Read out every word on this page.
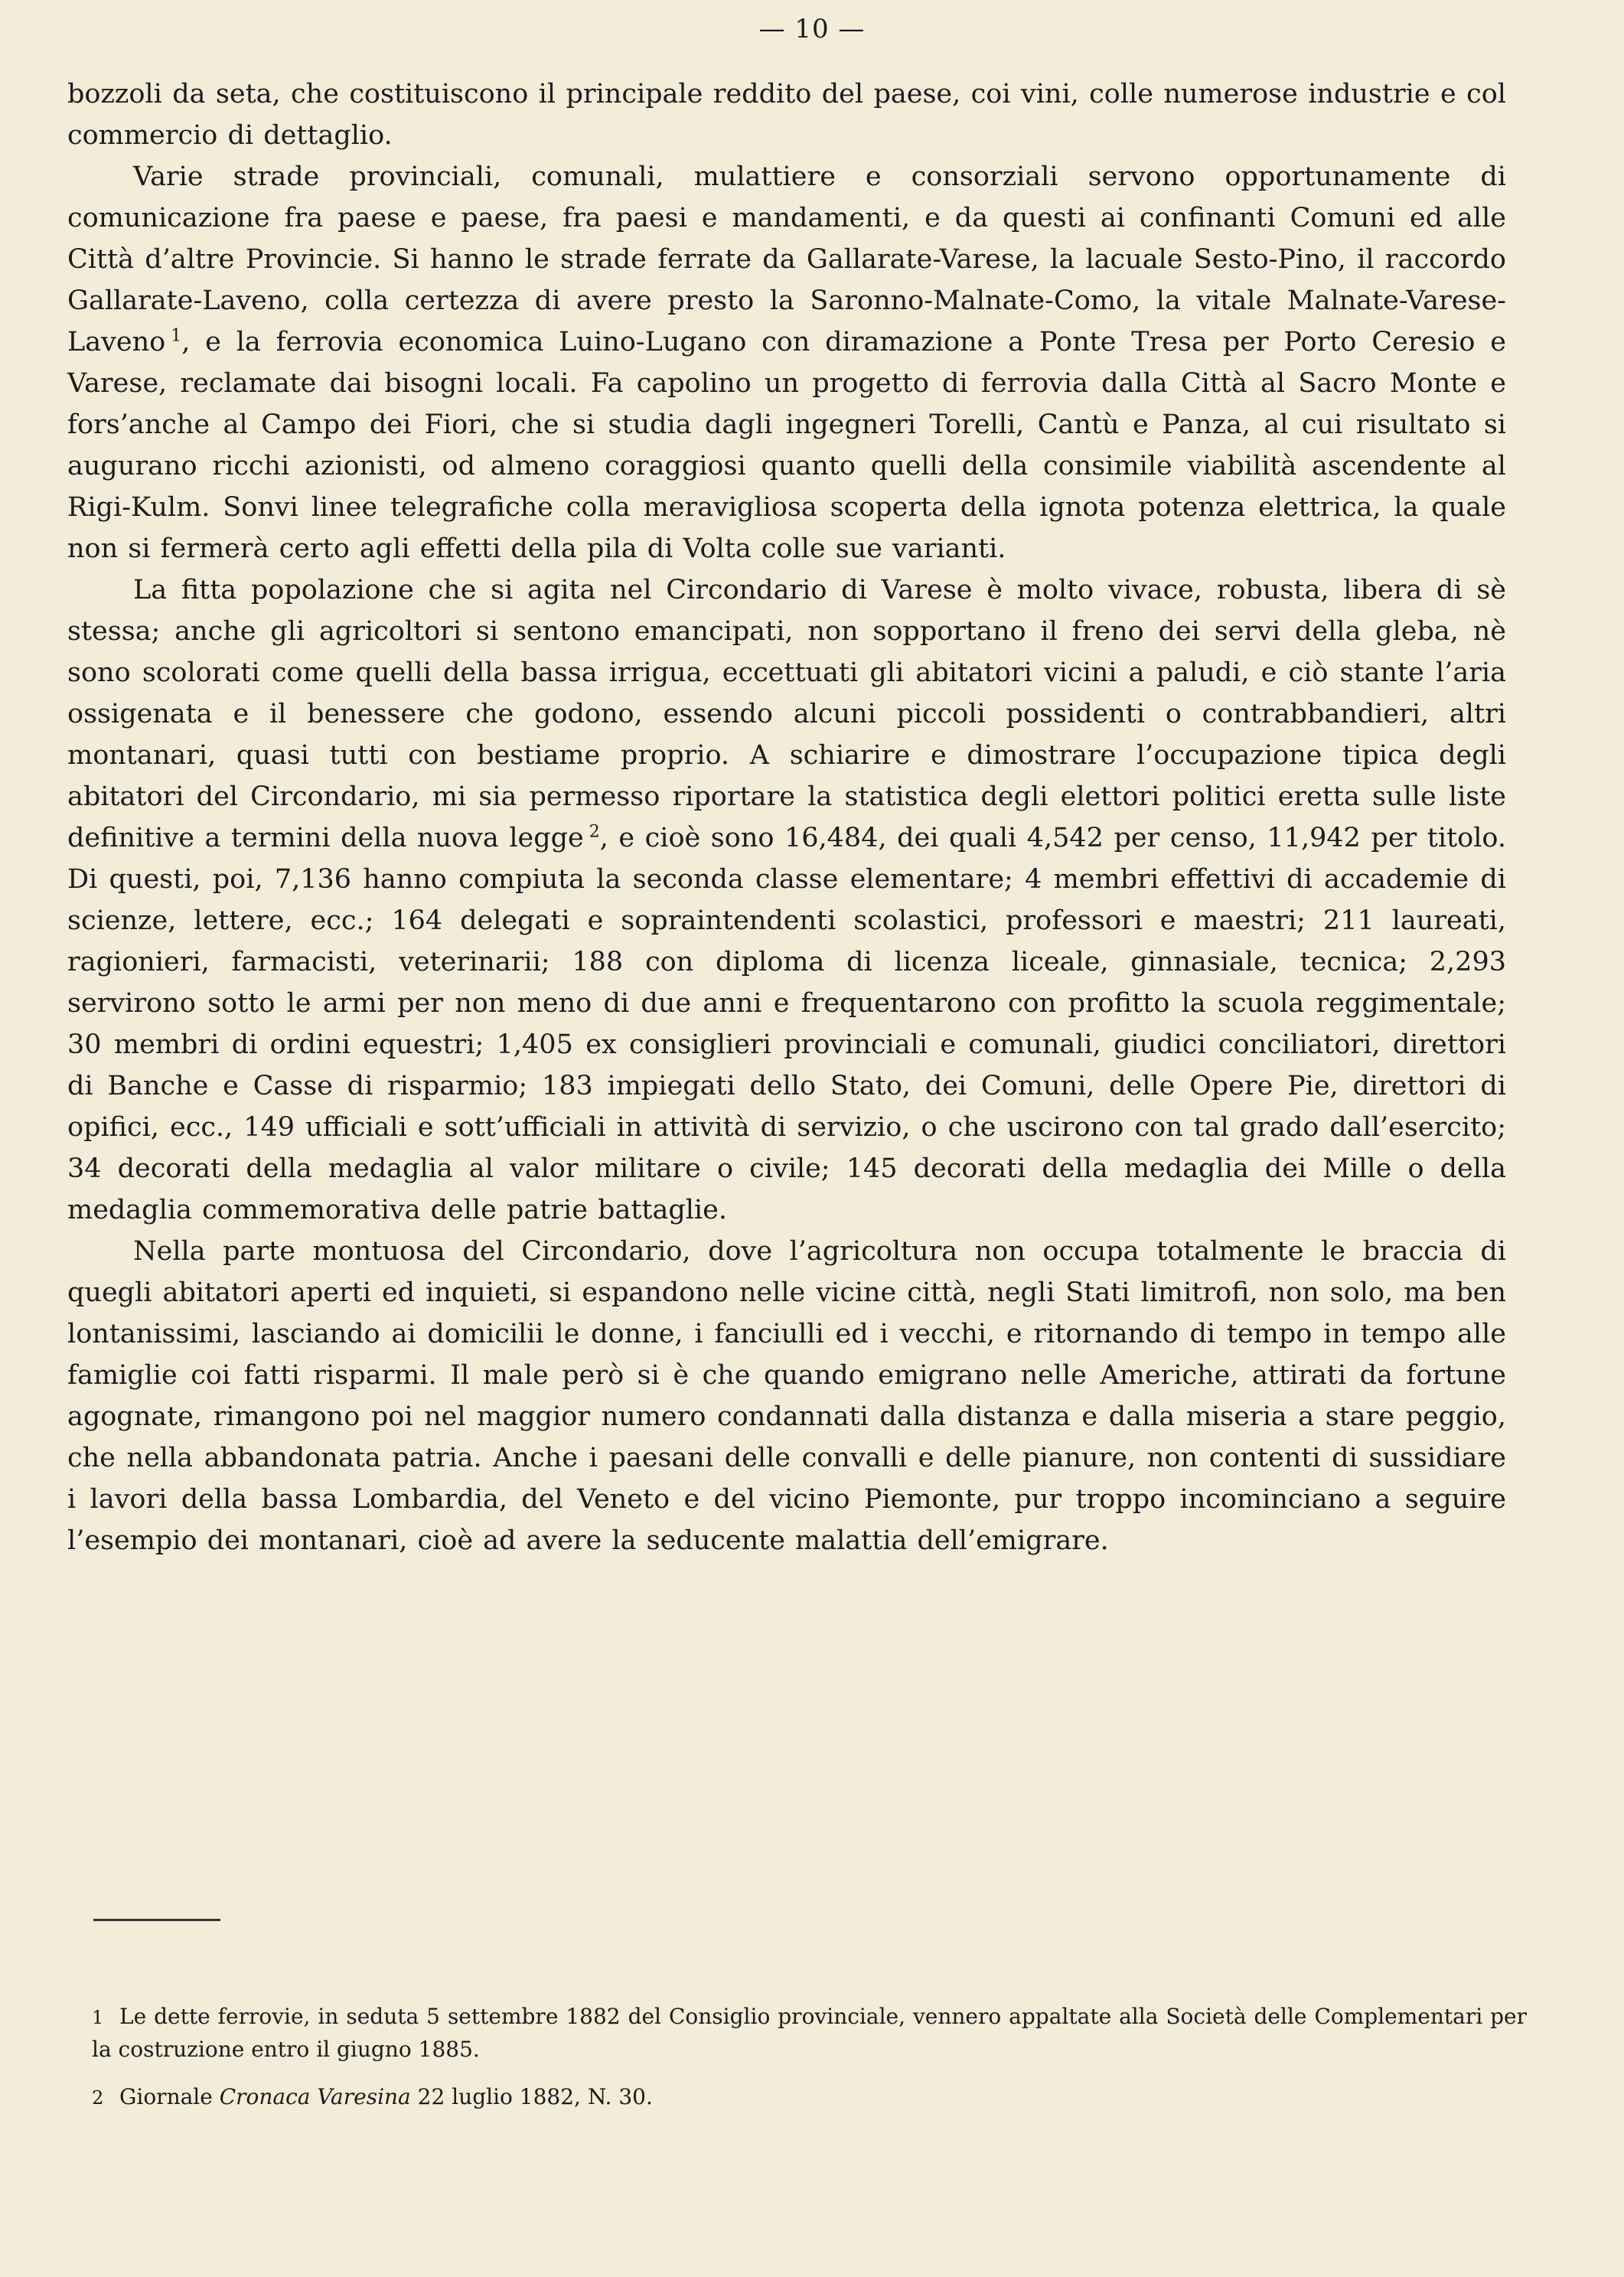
— 10 —

bozzoli da seta, che costituiscono il principale reddito del paese, coi vini, colle numerose industrie e col commercio di dettaglio.

Varie strade provinciali, comunali, mulattiere e consorziali servono opportunamente di comunicazione fra paese e paese, fra paesi e mandamenti, e da questi ai confinanti Comuni ed alle Città d’altre Provincie. Si hanno le strade ferrate da Gallarate-Varese, la lacuale Sesto-Pino, il raccordo Gallarate-Laveno, colla certezza di avere presto la Saronno-Malnate-Como, la vitale Malnate-Varese-Laveno  $^1$, e la ferrovia economica Luino-Lugano con diramazione a Ponte Tresa per Porto Ceresio e Varese, reclamate dai bisogni locali. Fa capolino un progetto di ferrovia dalla Città al Sacro Monte e fors’anche al Campo dei Fiori, che si studia dagli ingegneri Torelli, Cantù e Panza, al cui risultato si augurano ricchi azionisti, od almeno coraggiosi quanto quelli della consimile viabilità ascendente al Rigi-Kulm. Sonvi linee telegrafiche colla meravigliosa scoperta della ignota potenza elettrica, la quale non si fermerà certo agli effetti della pila di Volta colle sue varianti.

La fitta popolazione che si agita nel Circondario di Varese è molto vivace, robusta, libera di sè stessa; anche gli agricoltori si sentono emancipati, non sopportano il freno dei servi della gleba, nè sono scolorati come quelli della bassa irrigua, eccettuati gli abitatori vicini a paludi, e ciò stante l’aria ossigenata e il benessere che godono, essendo alcuni piccoli possidenti o contrabbandieri, altri montanari, quasi tutti con bestiame proprio. A schiarire e dimostrare l’occupazione tipica degli abitatori del Circondario, mi sia permesso riportare la statistica degli elettori politici eretta sulle liste definitive a termini della nuova legge  $^2$, e cioè sono 16,484, dei quali 4,542 per censo, 11,942 per titolo. Di questi, poi, 7,136 hanno compiuta la seconda classe elementare; 4 membri effettivi di accademie di scienze, lettere, ecc.; 164 delegati e sopraintendenti scolastici, professori e maestri; 211 laureati, ragionieri, farmacisti, veterinarii; 188 con diploma di licenza liceale, ginnasiale, tecnica; 2,293 servirono sotto le armi per non meno di due anni e frequentarono con profitto la scuola reggimentale; 30 membri di ordini equestri; 1,405 ex consiglieri provinciali e comunali, giudici conciliatori, direttori di Banche e Casse di risparmio; 183 impiegati dello Stato, dei Comuni, delle Opere Pie, direttori di opifici, ecc., 149 ufficiali e sott’ufficiali in attività di servizio, o che uscirono con tal grado dall’esercito; 34 decorati della medaglia al valor militare o civile; 145 decorati della medaglia dei Mille o della medaglia commemorativa delle patrie battaglie.

Nella parte montuosa del Circondario, dove l’agricoltura non occupa totalmente le braccia di quegli abitatori aperti ed inquieti, si espandono nelle vicine città, negli Stati limitrofi, non solo, ma ben lontanissimi, lasciando ai domicilii le donne, i fanciulli ed i vecchi, e ritornando di tempo in tempo alle famiglie coi fatti risparmi. Il male però si è che quando emigrano nelle Americhe, attirati da fortune agognate, rimangono poi nel maggior numero condannati dalla distanza e dalla miseria a stare peggio, che nella abbandonata patria. Anche i paesani delle convalli e delle pianure, non contenti di sussidiare i lavori della bassa Lombardia, del Veneto e del vicino Piemonte, pur troppo incominciano a seguire l’esempio dei montanari, cioè ad avere la seducente malattia dell’emigrare.

1 Le dette ferrovie, in seduta 5 settembre 1882 del Consiglio provinciale, vennero appaltate alla Società delle Complementari per la costruzione entro il giugno 1885.

2 Giornale Cronaca Varesina 22 luglio 1882, N. 30.
